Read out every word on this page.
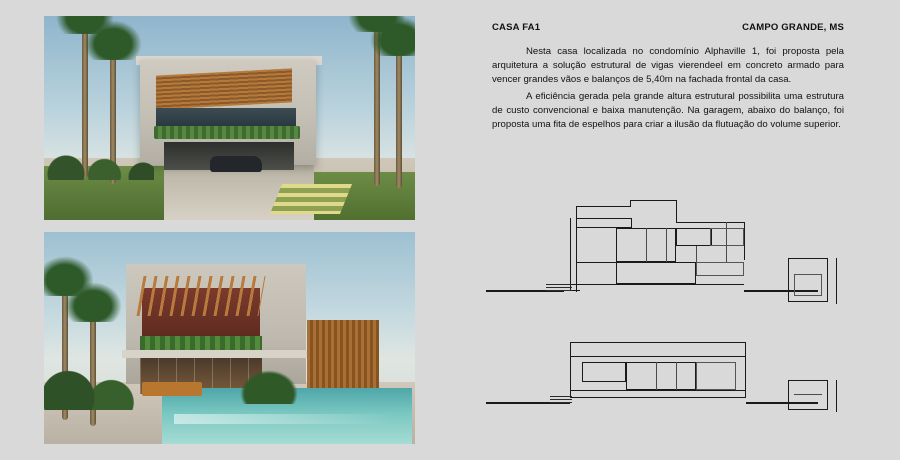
CASA FA1	CAMPO GRANDE, MS

Nesta casa localizada no condomínio Alphaville 1, foi proposta pela arquitetura a solução estrutural de vigas vierendeel em concreto armado para vencer grandes vãos e balanços de 5,40m na fachada frontal da casa.

A eficiência gerada pela grande altura estrutural possibilita uma estrutura de custo convencional e baixa manutenção. Na garagem, abaixo do balanço, foi proposta uma fita de espelhos para criar a ilusão da flutuação do volume superior.
